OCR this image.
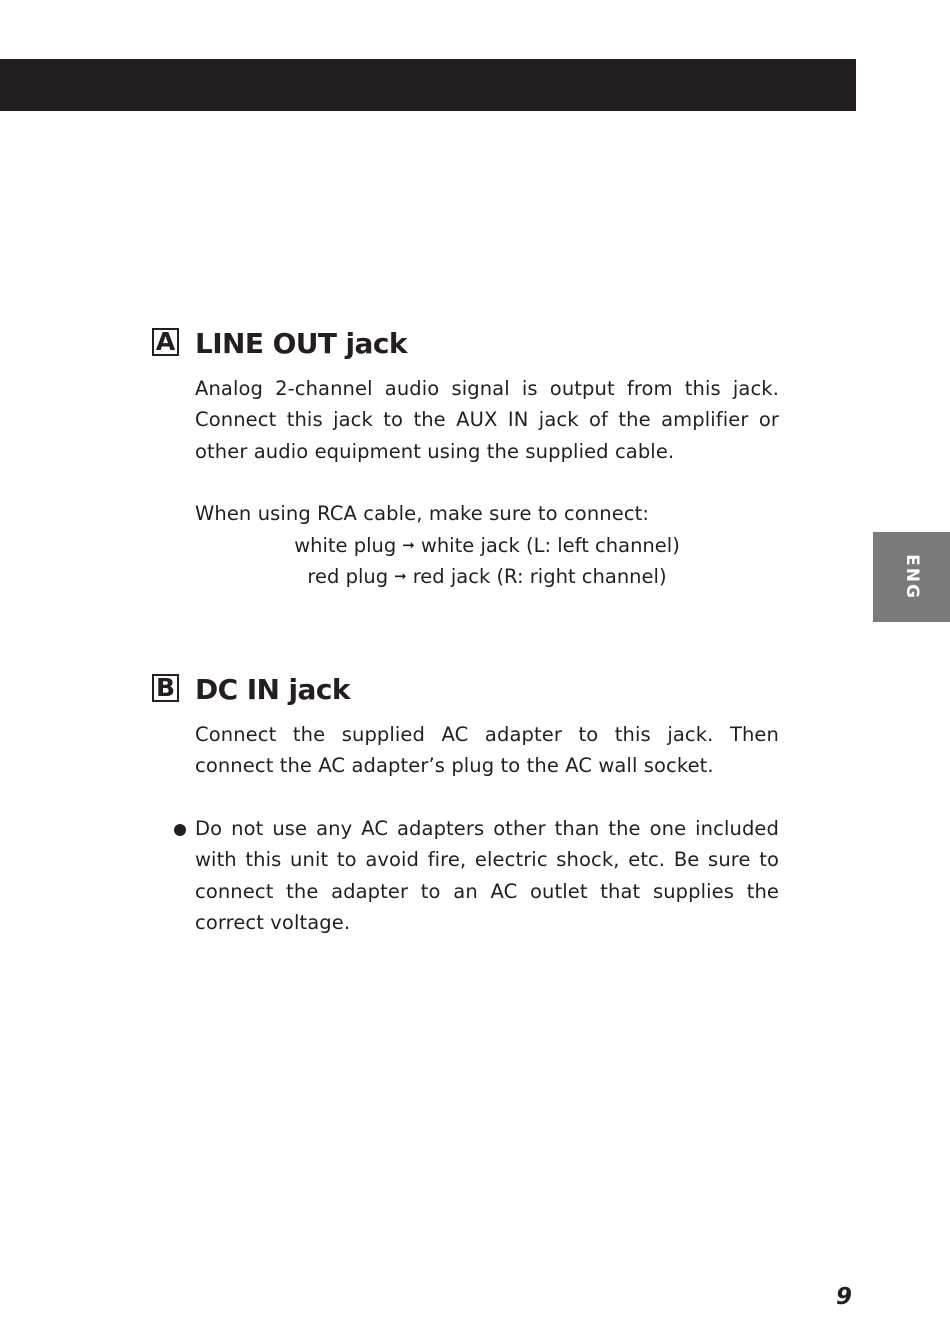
A LINE OUT jack
Analog 2-channel audio signal is output from this jack. Connect this jack to the AUX IN jack of the amplifier or other audio equipment using the supplied cable.
When using RCA cable, make sure to connect:
white plug ➞ white jack (L: left channel)
red plug ➞ red jack (R: right channel)
B DC IN jack
Connect the supplied AC adapter to this jack. Then connect the AC adapter’s plug to the AC wall socket.
Do not use any AC adapters other than the one included with this unit to avoid fire, electric shock, etc. Be sure to connect the adapter to an AC outlet that supplies the correct voltage.
ENG
9
